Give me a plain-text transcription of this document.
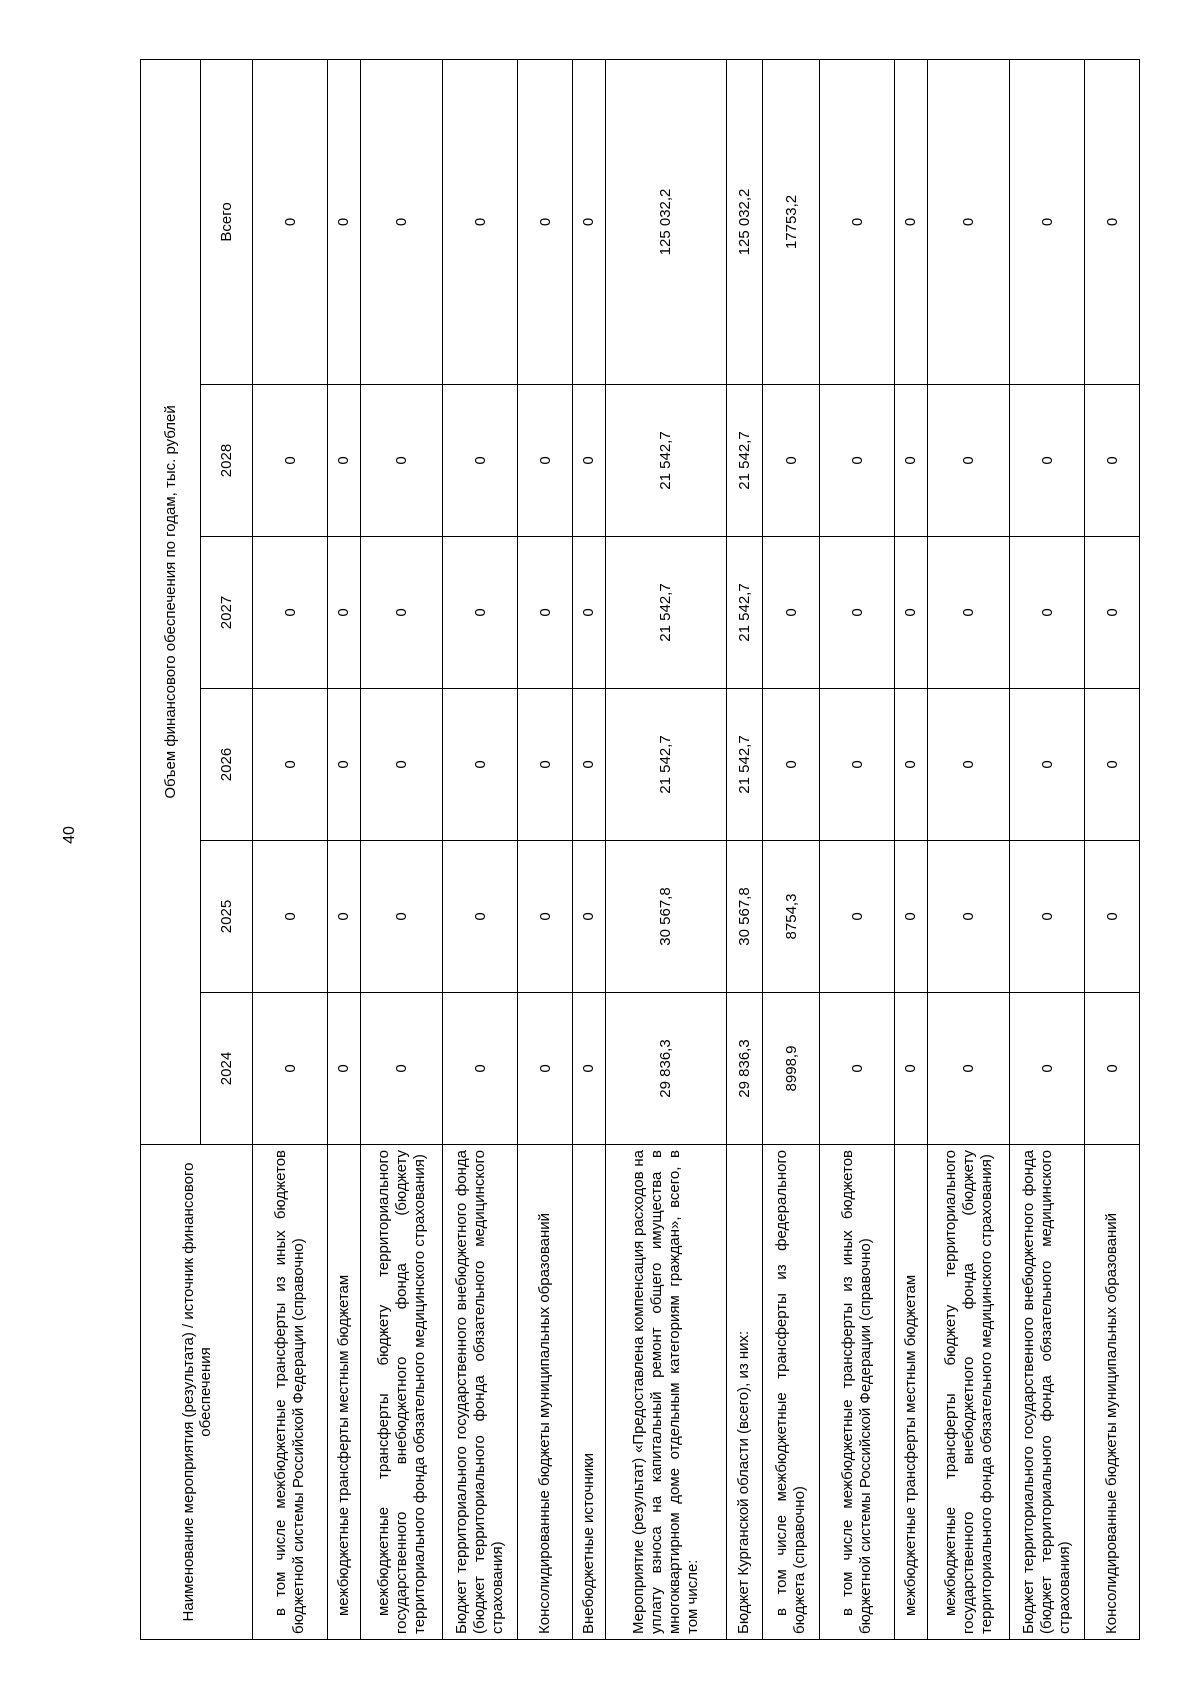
40
Наименование мероприятия (результата) / источник финансового обеспечения	Объем финансового обеспечения по годам, тыс. рублей					
	2024	2025	2026	2027	2028	Всего
в том числе межбюджетные трансферты из иных бюджетов бюджетной системы Российской Федерации (справочно)	0	0	0	0	0	0
межбюджетные трансферты местным бюджетам	0	0	0	0	0	0
межбюджетные трансферты бюджету территориального государственного внебюджетного фонда (бюджету территориального фонда обязательного медицинского страхования)	0	0	0	0	0	0
Бюджет территориального государственного внебюджетного фонда (бюджет территориального фонда обязательного медицинского страхования)	0	0	0	0	0	0
Консолидированные бюджеты муниципальных образований	0	0	0	0	0	0
Внебюджетные источники	0	0	0	0	0	0
Мероприятие (результат) «Предоставлена компенсация расходов на уплату взноса на капитальный ремонт общего имущества в многоквартирном доме отдельным категориям граждан», всего, в том числе:	29 836,3	30 567,8	21 542,7	21 542,7	21 542,7	125 032,2
Бюджет Курганской области (всего), из них:	29 836,3	30 567,8	21 542,7	21 542,7	21 542,7	125 032,2
в том числе межбюджетные трансферты из федерального бюджета (справочно)	8998,9	8754,3	0	0	0	17753,2
в том числе межбюджетные трансферты из иных бюджетов бюджетной системы Российской Федерации (справочно)	0	0	0	0	0	0
межбюджетные трансферты местным бюджетам	0	0	0	0	0	0
межбюджетные трансферты бюджету территориального государственного внебюджетного фонда (бюджету территориального фонда обязательного медицинского страхования)	0	0	0	0	0	0
Бюджет территориального государственного внебюджетного фонда (бюджет территориального фонда обязательного медицинского страхования)	0	0	0	0	0	0
Консолидированные бюджеты муниципальных образований	0	0	0	0	0	0
